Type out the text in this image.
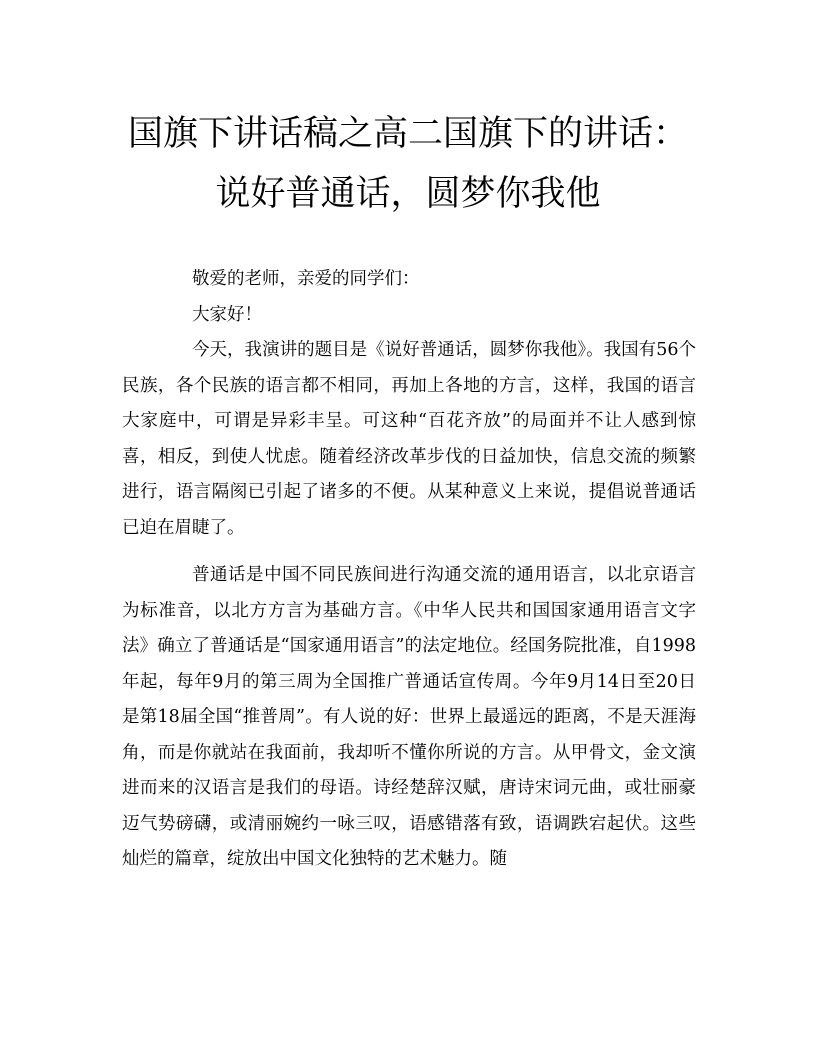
国旗下讲话稿之高二国旗下的讲话：说好普通话，圆梦你我他

敬爱的老师，亲爱的同学们：

大家好！

今天，我演讲的题目是《说好普通话，圆梦你我他》。我国有56个民族，各个民族的语言都不相同，再加上各地的方言，这样，我国的语言大家庭中，可谓是异彩丰呈。可这种“百花齐放”的局面并不让人感到惊喜，相反，到使人忧虑。随着经济改革步伐的日益加快，信息交流的频繁进行，语言隔阂已引起了诸多的不便。从某种意义上来说，提倡说普通话已迫在眉睫了。

普通话是中国不同民族间进行沟通交流的通用语言，以北京语言为标准音，以北方方言为基础方言。《中华人民共和国国家通用语言文字法》确立了普通话是“国家通用语言”的法定地位。经国务院批准，自1998年起，每年9月的第三周为全国推广普通话宣传周。今年9月14日至20日是第18届全国“推普周”。有人说的好：世界上最遥远的距离，不是天涯海角，而是你就站在我面前，我却听不懂你所说的方言。从甲骨文，金文演进而来的汉语言是我们的母语。诗经楚辞汉赋，唐诗宋词元曲，或壮丽豪迈气势磅礴，或清丽婉约一咏三叹，语感错落有致，语调跌宕起伏。这些灿烂的篇章，绽放出中国文化独特的艺术魅力。随
